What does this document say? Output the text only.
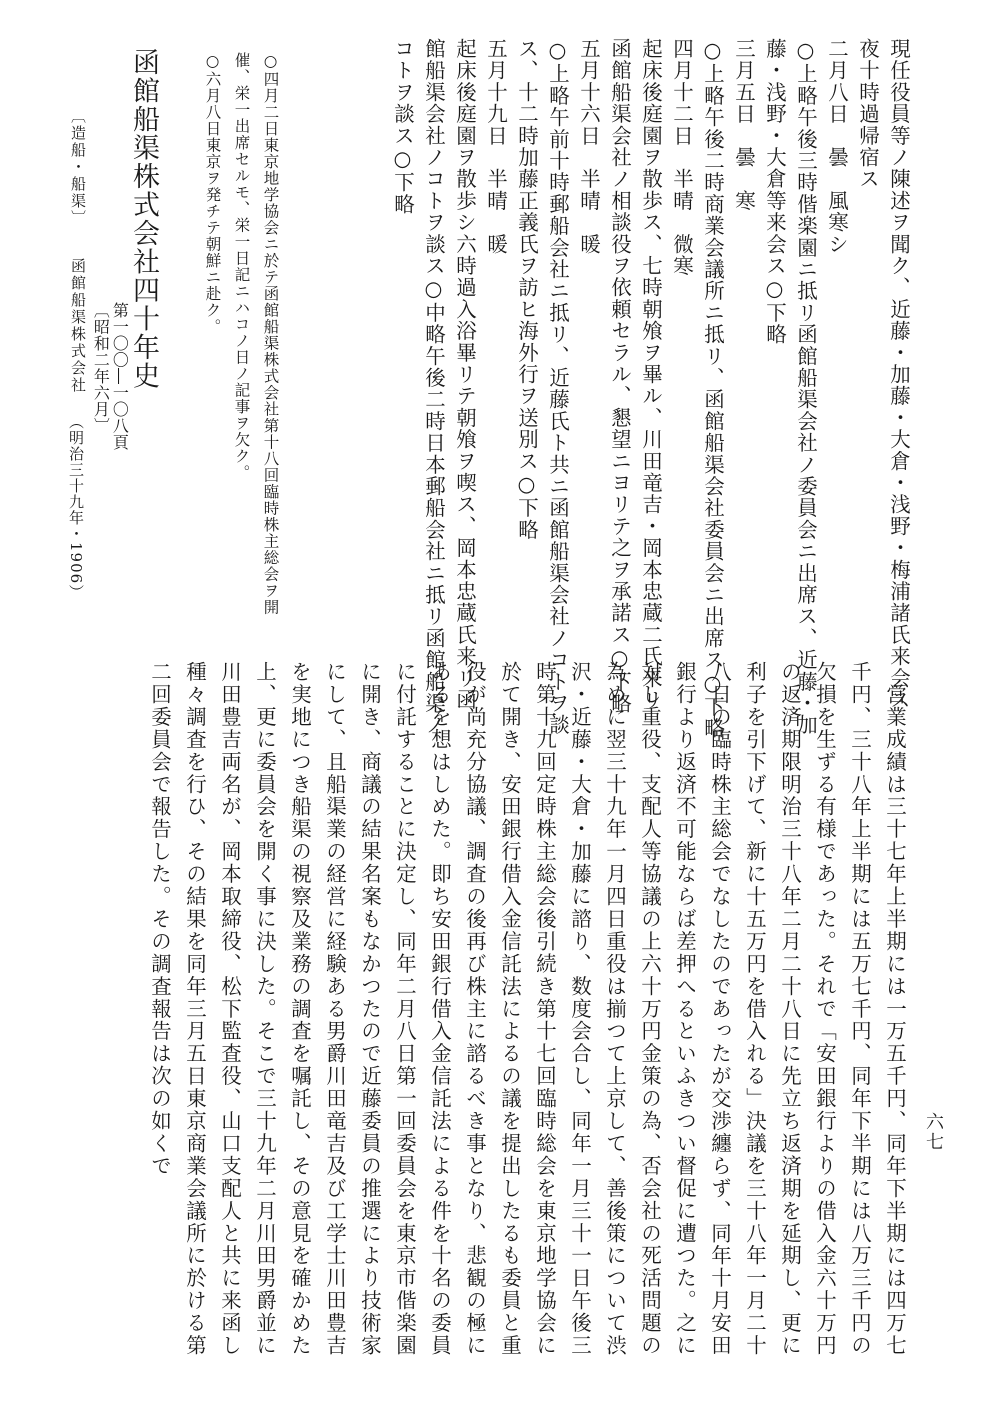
現任役員等ノ陳述ヲ聞ク、近藤・加藤・大倉・浅野・梅浦諸氏来会ス
夜十時過帰宿ス
二月八日　曇　風寒シ
○上略午後三時偕楽園ニ抵リ函館船渠会社ノ委員会ニ出席ス、近藤・加
藤・浅野・大倉等来会ス○下略
三月五日　曇　寒
○上略午後二時商業会議所ニ抵リ、函館船渠会社委員会ニ出席ス○下略
四月十二日　半晴　微寒
起床後庭園ヲ散歩ス、七時朝飧ヲ畢ル、川田竜吉・岡本忠蔵二氏来リ
函館船渠会社ノ相談役ヲ依頼セラル、懇望ニヨリテ之ヲ承諾ス○下略
五月十六日　半晴　暖
○上略午前十時郵船会社ニ抵リ、近藤氏ト共ニ函館船渠会社ノコトヲ談
ス、十二時加藤正義氏ヲ訪ヒ海外行ヲ送別ス○下略
五月十九日　半晴　暖
起床後庭園ヲ散歩シ六時過入浴畢リテ朝飧ヲ喫ス、岡本忠蔵氏来リ函
館船渠会社ノコトヲ談ス○中略午後二時日本郵船会社ニ抵リ函館船渠ノ
コトヲ談ス○下略
○四月二日東京地学協会ニ於テ函館船渠株式会社第十八回臨時株主総会ヲ開
催、栄一出席セルモ、栄一日記ニハコノ日ノ記事ヲ欠ク。
○六月八日東京ヲ発チテ朝鮮ニ赴ク。
函館船渠株式会社四十年史
第一〇〇―一〇八頁
〔昭和二年六月〕
〔造船・船渠〕
函館船渠株式会社
（明治三十九年・1906）
　営業成績は三十七年上半期には一万五千円、同年下半期には四万七
千円、三十八年上半期には五万七千円、同年下半期には八万三千円の
欠損を生ずる有様であった。それで「安田銀行よりの借入金六十万円
の返済期限明治三十八年二月二十八日に先立ち返済期を延期し、更に
利子を引下げて、新に十五万円を借入れる」決議を三十八年一月二十
八日の臨時株主総会でなしたのであったが交渉纏らず、同年十月安田
銀行より返済不可能ならば差押へるといふきつい督促に遭つた。之に
対し重役、支配人等協議の上六十万円金策の為、否会社の死活問題の
為めに翌三十九年一月四日重役は揃つて上京して、善後策について渋
沢・近藤・大倉・加藤に諮り、数度会合し、同年一月三十一日午後三
時第十九回定時株主総会後引続き第十七回臨時総会を東京地学協会に
於て開き、安田銀行借入金信託法によるの議を提出したるも委員と重
役が尚充分協議、調査の後再び株主に諮るべき事となり、悲観の極に
あるを想はしめた。即ち安田銀行借入金信託法による件を十名の委員
に付託することに決定し、同年二月八日第一回委員会を東京市偕楽園
に開き、商議の結果名案もなかつたので近藤委員の推選により技術家
にして、且船渠業の経営に経験ある男爵川田竜吉及び工学士川田豊吉
を実地につき船渠の視察及業務の調査を嘱託し、その意見を確かめた
上、更に委員会を開く事に決した。そこで三十九年二月川田男爵並に
川田豊吉両名が、岡本取締役、松下監査役、山口支配人と共に来函し
種々調査を行ひ、その結果を同年三月五日東京商業会議所に於ける第
二回委員会で報告した。その調査報告は次の如くで	六七
